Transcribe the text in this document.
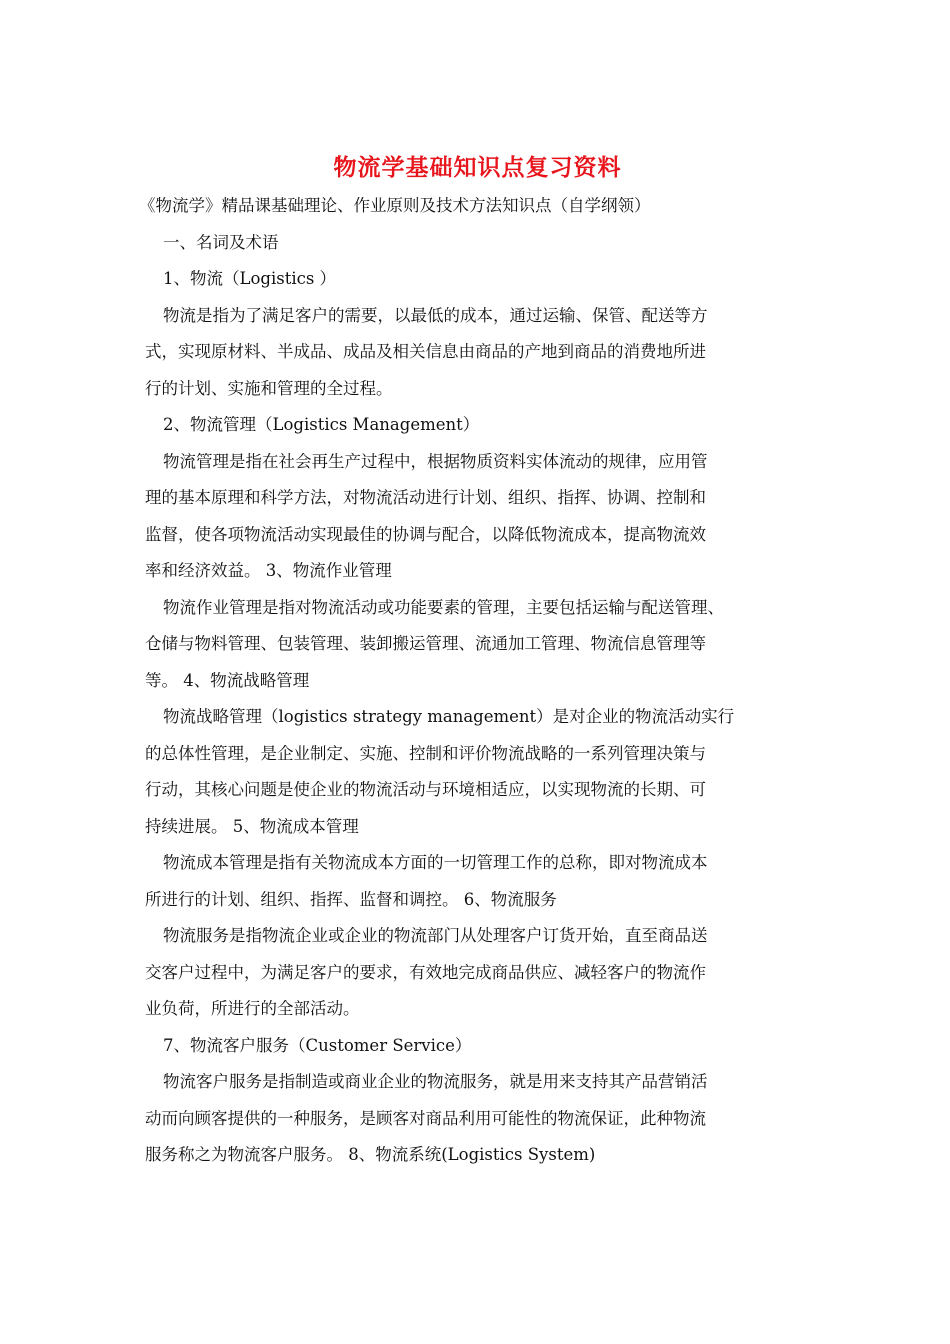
物流学基础知识点复习资料

《物流学》精品课基础理论、作业原则及技术方法知识点（自学纲领）

一、名词及术语

1、物流（Logistics ）

物流是指为了满足客户的需要，以最低的成本，通过运输、保管、配送等方

式，实现原材料、半成品、成品及相关信息由商品的产地到商品的消费地所进

行的计划、实施和管理的全过程。

2、物流管理（Logistics Management）

物流管理是指在社会再生产过程中，根据物质资料实体流动的规律，应用管

理的基本原理和科学方法，对物流活动进行计划、组织、指挥、协调、控制和

监督，使各项物流活动实现最佳的协调与配合，以降低物流成本，提高物流效

率和经济效益。 3、物流作业管理

物流作业管理是指对物流活动或功能要素的管理，主要包括运输与配送管理、

仓储与物料管理、包装管理、装卸搬运管理、流通加工管理、物流信息管理等

等。 4、物流战略管理

物流战略管理（logistics strategy management）是对企业的物流活动实行

的总体性管理，是企业制定、实施、控制和评价物流战略的一系列管理决策与

行动，其核心问题是使企业的物流活动与环境相适应，以实现物流的长期、可

持续进展。 5、物流成本管理

物流成本管理是指有关物流成本方面的一切管理工作的总称，即对物流成本

所进行的计划、组织、指挥、监督和调控。 6、物流服务

物流服务是指物流企业或企业的物流部门从处理客户订货开始，直至商品送

交客户过程中，为满足客户的要求，有效地完成商品供应、减轻客户的物流作

业负荷，所进行的全部活动。

7、物流客户服务（Customer Service）

物流客户服务是指制造或商业企业的物流服务，就是用来支持其产品营销活

动而向顾客提供的一种服务，是顾客对商品利用可能性的物流保证，此种物流

服务称之为物流客户服务。 8、物流系统(Logistics System)
